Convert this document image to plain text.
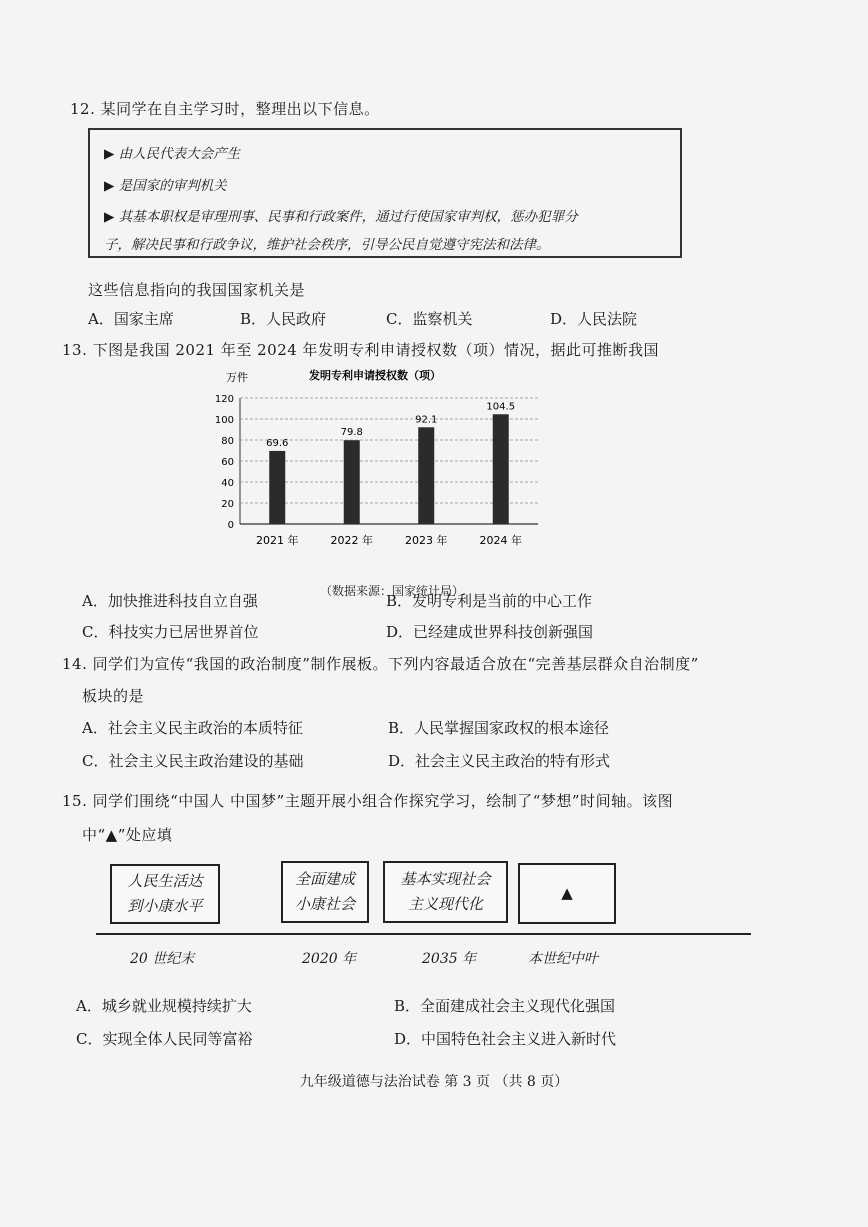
12. 某同学在自主学习时，整理出以下信息。
▶ 由人民代表大会产生
▶ 是国家的审判机关
▶ 其基本职权是审理刑事、民事和行政案件，通过行使国家审判权，惩办犯罪分
子，解决民事和行政争议，维护社会秩序，引导公民自觉遵守宪法和法律。
这些信息指向的我国国家机关是
A．国家主席	B．人民政府	C．监察机关	D．人民法院
13. 下图是我国 2021 年至 2024 年发明专利申请授权数（项）情况，据此可推断我国
万件	发明专利申请授权数（项）
0
20
40
60
80
100
120
69.6
2021 年
79.8
2022 年
92.1
2023 年
104.5
2024 年
（数据来源：国家统计局）
A．加快推进科技自立自强	B．发明专利是当前的中心工作
C．科技实力已居世界首位	D．已经建成世界科技创新强国
14. 同学们为宣传“我国的政治制度”制作展板。下列内容最适合放在“完善基层群众自治制度”
板块的是
A．社会主义民主政治的本质特征	B．人民掌握国家政权的根本途径
C．社会主义民主政治建设的基础	D．社会主义民主政治的特有形式
15. 同学们围绕“中国人 中国梦”主题开展小组合作探究学习，绘制了“梦想”时间轴。该图
中“▲”处应填
人民生活达到小康水平
全面建成小康社会
基本实现社会主义现代化
▲
20 世纪末	2020 年	2035 年	本世纪中叶
A．城乡就业规模持续扩大	B．全面建成社会主义现代化强国
C．实现全体人民同等富裕	D．中国特色社会主义进入新时代
九年级道德与法治试卷 第 3 页 （共 8 页）
